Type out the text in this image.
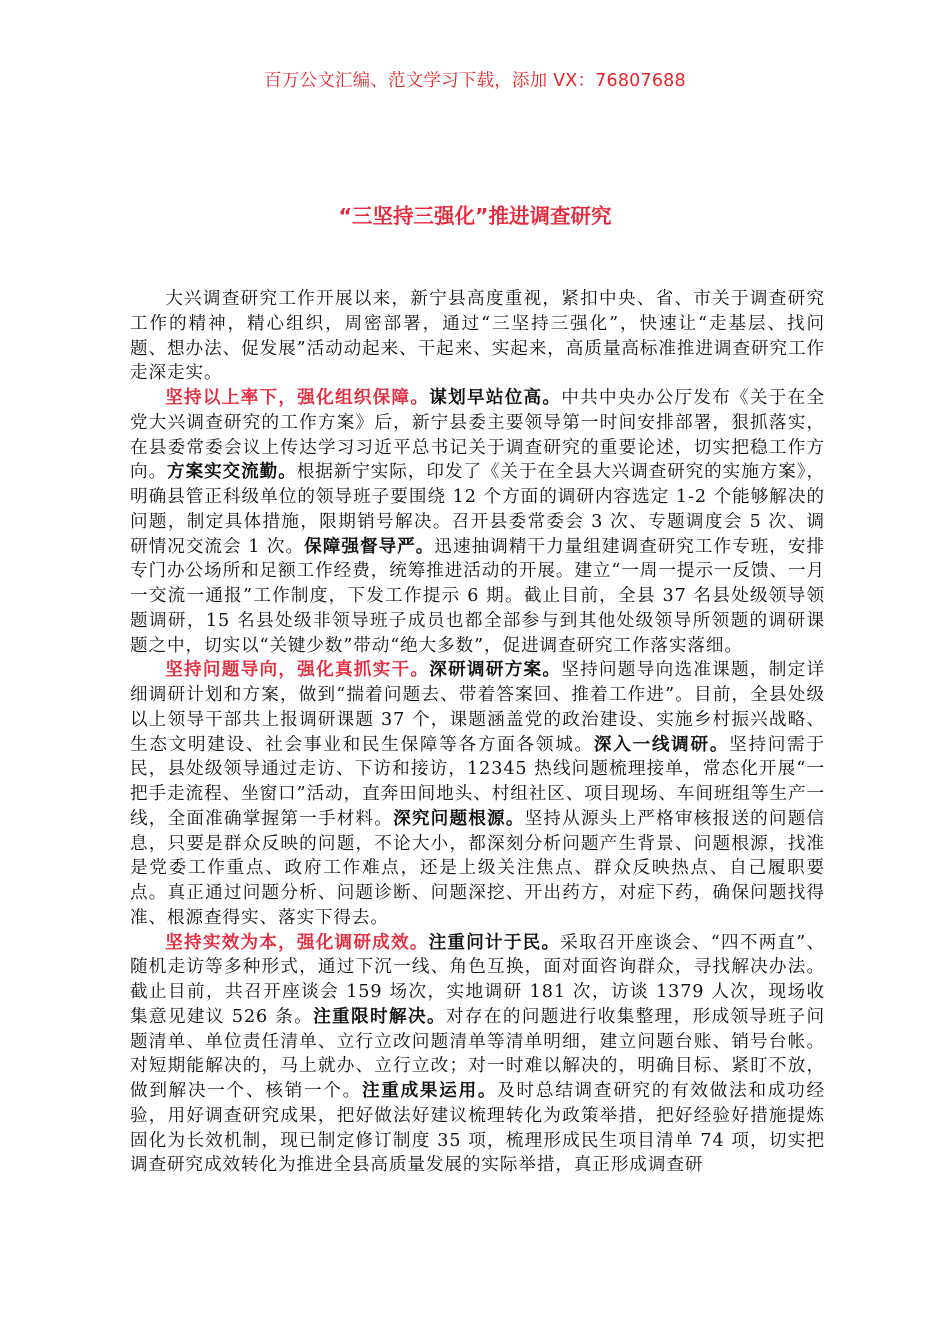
百万公文汇编、范文学习下载，添加 VX：76807688
“三坚持三强化”推进调查研究

大兴调查研究工作开展以来，新宁县高度重视，紧扣中央、省、市关于调查研究工作的精神，精心组织，周密部署，通过“三坚持三强化”，快速让“走基层、找问题、想办法、促发展”活动动起来、干起来、实起来，高质量高标准推进调查研究工作走深走实。

坚持以上率下，强化组织保障。谋划早站位高。中共中央办公厅发布《关于在全党大兴调查研究的工作方案》后，新宁县委主要领导第一时间安排部署，狠抓落实，在县委常委会议上传达学习习近平总书记关于调查研究的重要论述，切实把稳工作方向。方案实交流勤。根据新宁实际，印发了《关于在全县大兴调查研究的实施方案》，明确县管正科级单位的领导班子要围绕 12 个方面的调研内容选定 1-2 个能够解决的问题，制定具体措施，限期销号解决。召开县委常委会 3 次、专题调度会 5 次、调研情况交流会 1 次。保障强督导严。迅速抽调精干力量组建调查研究工作专班，安排专门办公场所和足额工作经费，统筹推进活动的开展。建立“一周一提示一反馈、一月一交流一通报”工作制度，下发工作提示 6 期。截止目前，全县 37 名县处级领导领题调研，15 名县处级非领导班子成员也都全部参与到其他处级领导所领题的调研课题之中，切实以“关键少数”带动“绝大多数”，促进调查研究工作落实落细。

坚持问题导向，强化真抓实干。深研调研方案。坚持问题导向选准课题，制定详细调研计划和方案，做到“揣着问题去、带着答案回、推着工作进”。目前，全县处级以上领导干部共上报调研课题 37 个，课题涵盖党的政治建设、实施乡村振兴战略、生态文明建设、社会事业和民生保障等各方面各领城。深入一线调研。坚持问需于民，县处级领导通过走访、下访和接访，12345 热线问题梳理接单，常态化开展“一把手走流程、坐窗口”活动，直奔田间地头、村组社区、项目现场、车间班组等生产一线，全面准确掌握第一手材料。深究问题根源。坚持从源头上严格审核报送的问题信息，只要是群众反映的问题，不论大小，都深刻分析问题产生背景、问题根源，找准是党委工作重点、政府工作难点，还是上级关注焦点、群众反映热点、自己履职要点。真正通过问题分析、问题诊断、问题深挖、开出药方，对症下药，确保问题找得准、根源查得实、落实下得去。

坚持实效为本，强化调研成效。注重问计于民。采取召开座谈会、“四不两直”、随机走访等多种形式，通过下沉一线、角色互换，面对面咨询群众，寻找解决办法。截止目前，共召开座谈会 159 场次，实地调研 181 次，访谈 1379 人次，现场收集意见建议 526 条。注重限时解决。对存在的问题进行收集整理，形成领导班子问题清单、单位责任清单、立行立改问题清单等清单明细，建立问题台账、销号台帐。对短期能解决的，马上就办、立行立改；对一时难以解决的，明确目标、紧盯不放，做到解决一个、核销一个。注重成果运用。及时总结调查研究的有效做法和成功经验，用好调查研究成果，把好做法好建议梳理转化为政策举措，把好经验好措施提炼固化为长效机制，现已制定修订制度 35 项，梳理形成民生项目清单 74 项，切实把调查研究成效转化为推进全县高质量发展的实际举措，真正形成调查研
